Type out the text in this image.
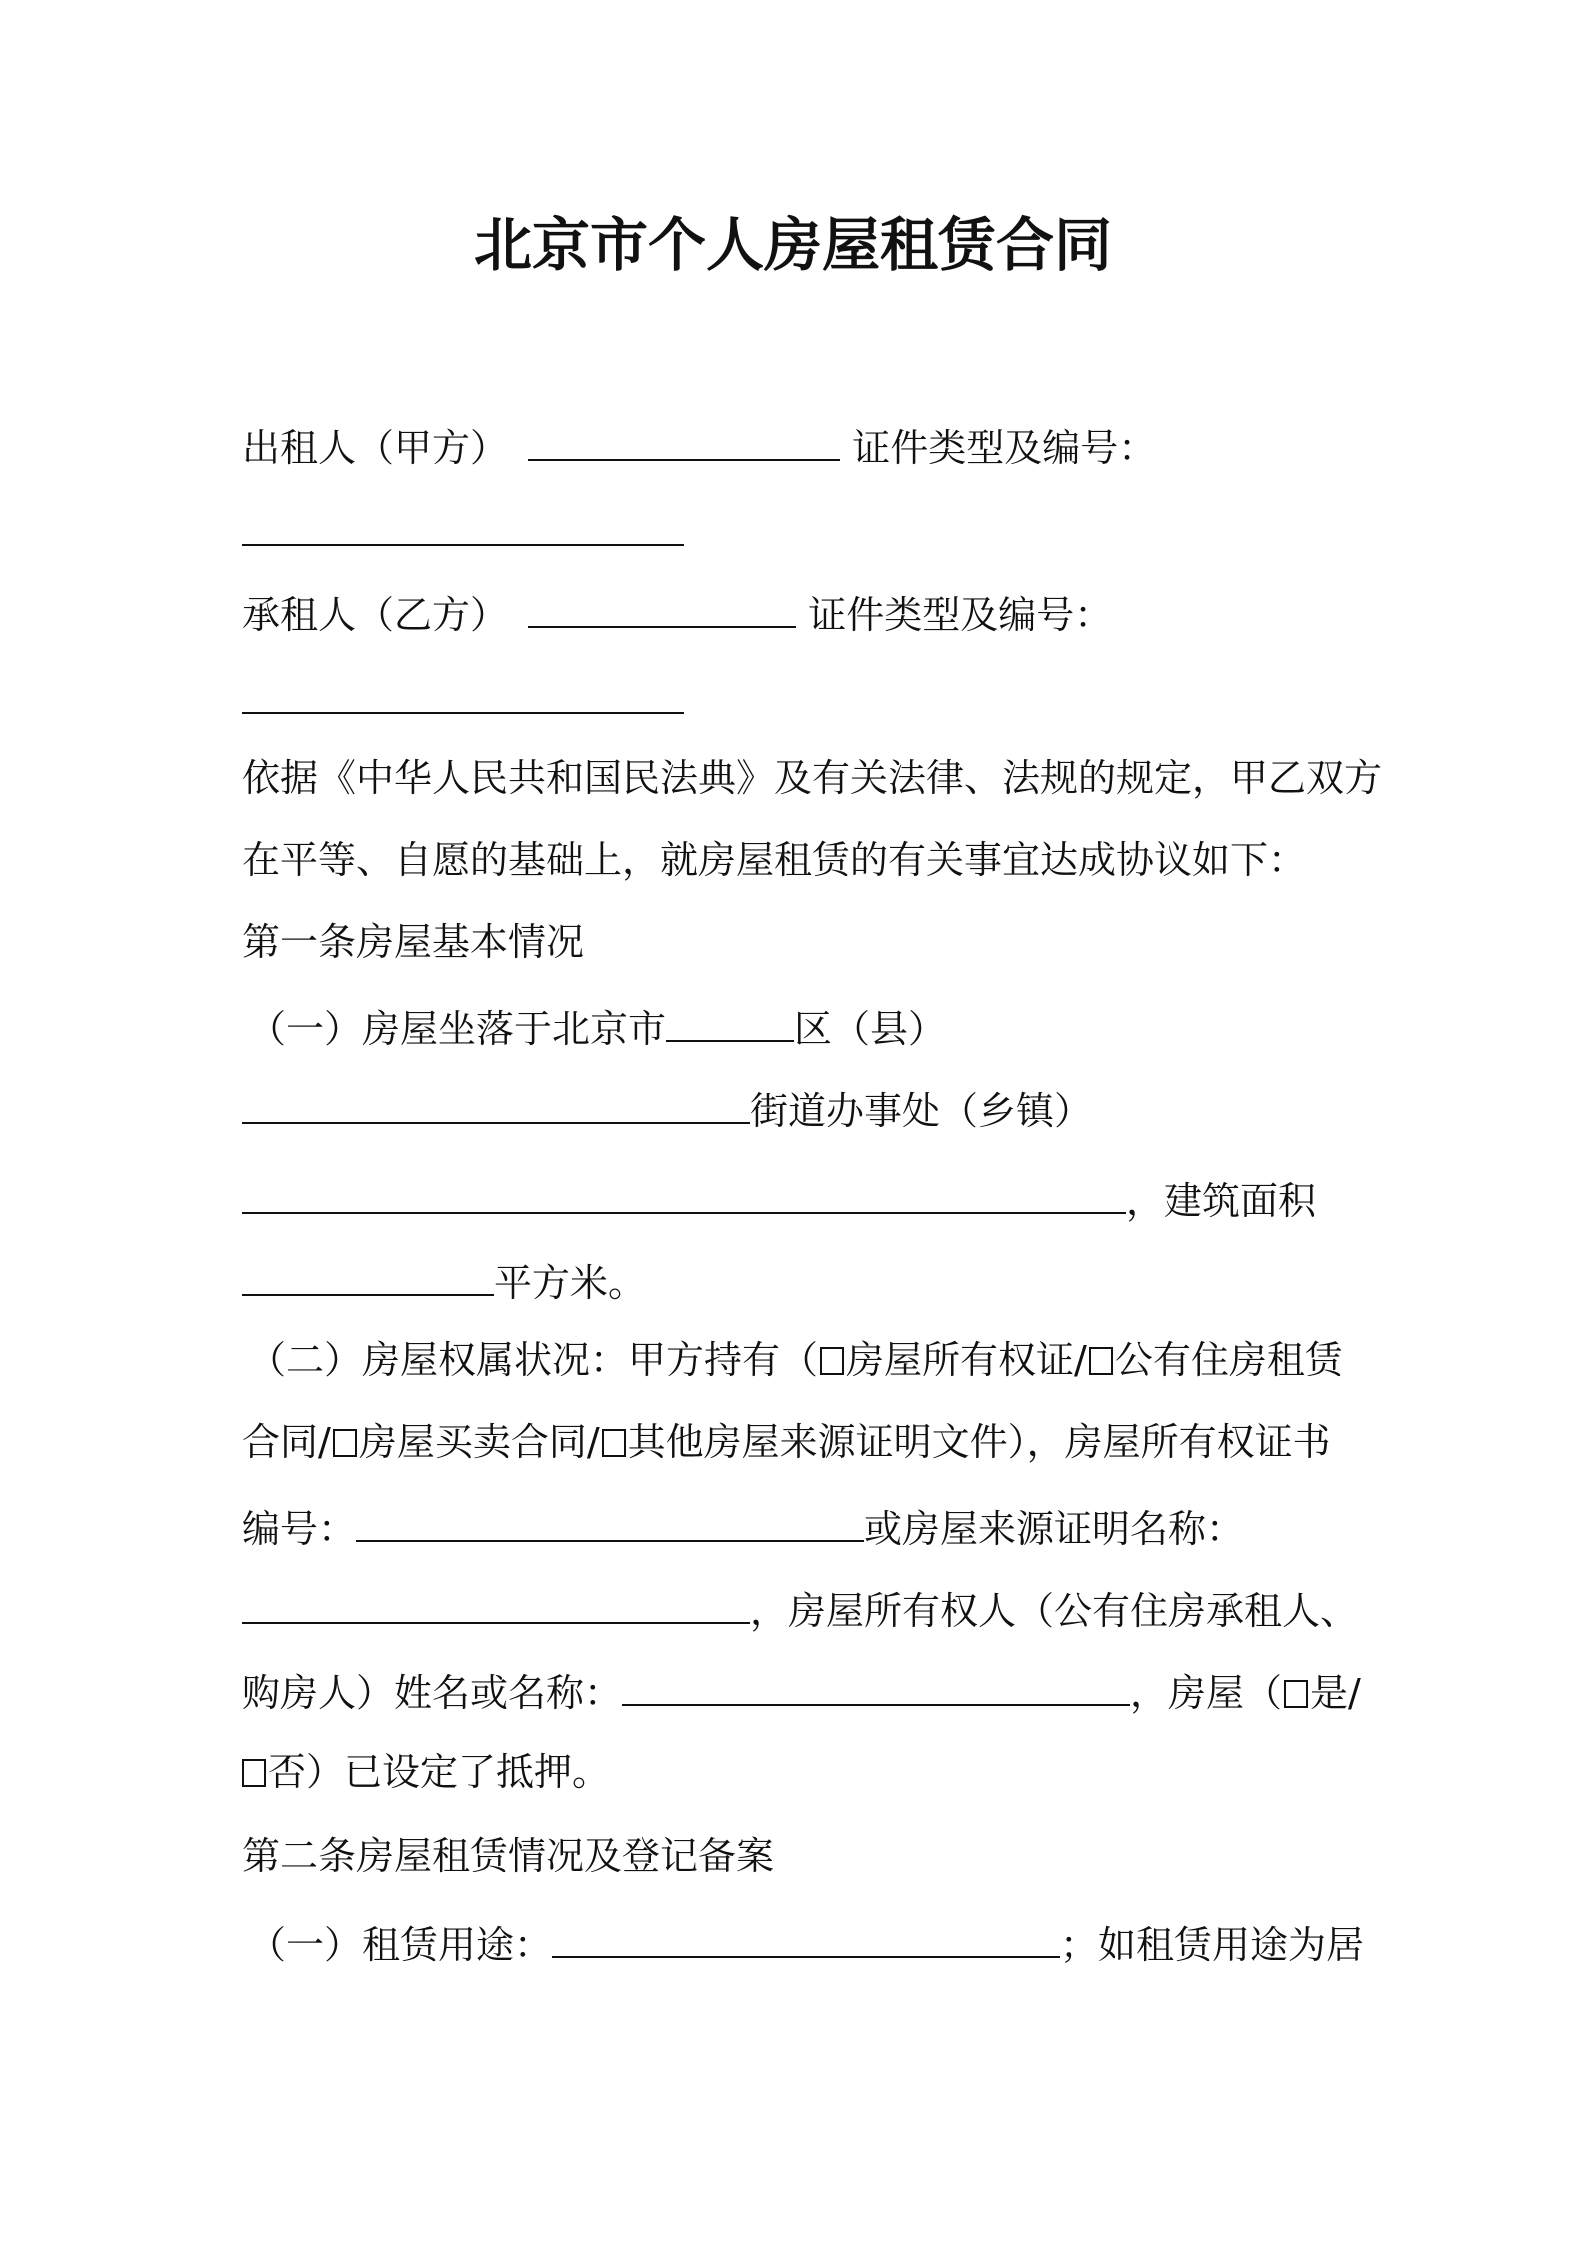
北京市个人房屋租赁合同
出租人（甲方）	证件类型及编号：
承租人（乙方）	证件类型及编号：
依据《中华人民共和国民法典》及有关法律、法规的规定，甲乙双方
在平等、自愿的基础上，就房屋租赁的有关事宜达成协议如下：
第一条房屋基本情况
（一）房屋坐落于北京市	区（县）
街道办事处（乡镇）
，建筑面积
平方米。
（二）房屋权属状况：甲方持有（ 房屋所有权证/ 公有住房租赁
合同/ 房屋买卖合同/ 其他房屋来源证明文件），房屋所有权证书
编号：	或房屋来源证明名称：
，房屋所有权人（公有住房承租人、
购房人）姓名或名称：	，房屋（ 是/
否）已设定了抵押。
第二条房屋租赁情况及登记备案
（一）租赁用途：	；如租赁用途为居
